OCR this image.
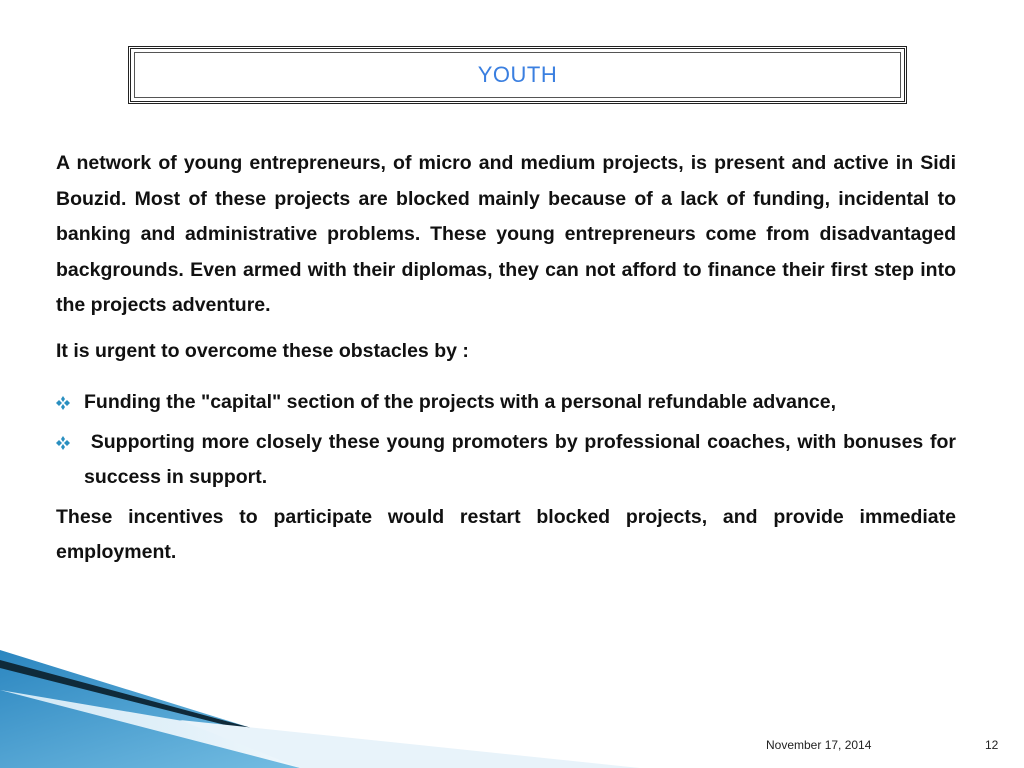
YOUTH

A network of young entrepreneurs, of micro and medium projects, is present and active in Sidi Bouzid. Most of these projects are blocked mainly because of a lack of funding, incidental to banking and administrative problems. These young entrepreneurs come from disadvantaged backgrounds. Even armed with their diplomas, they can not afford to finance their first step into the projects adventure.

It is urgent to overcome these obstacles by :

Funding the "capital" section of the projects with a personal refundable advance,
Supporting more closely these young promoters by professional coaches, with bonuses for success in support.

These incentives to participate would restart blocked projects, and provide immediate employment.

November 17, 2014	12
